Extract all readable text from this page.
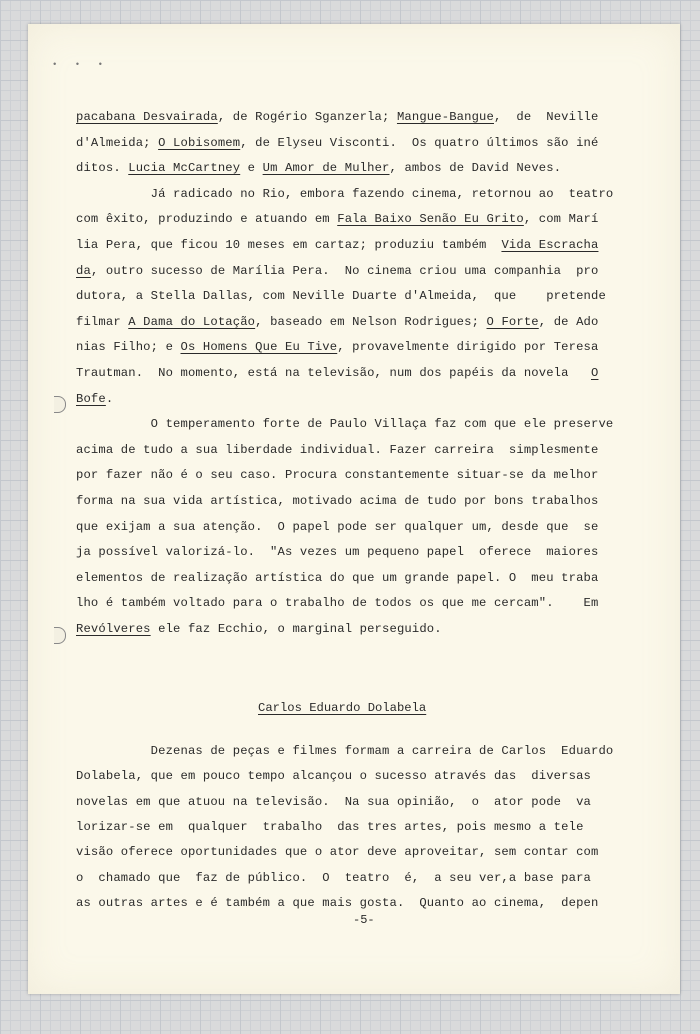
• • •
pacabana Desvairada, de Rogério Sganzerla; Mangue-Bangue,  de  Neville
d'Almeida; O Lobisomem, de Elyseu Visconti.  Os quatro últimos são iné
ditos. Lucia McCartney e Um Amor de Mulher, ambos de David Neves.
Já radicado no Rio, embora fazendo cinema, retornou ao  teatro
com êxito, produzindo e atuando em Fala Baixo Senão Eu Grito, com Marí
lia Pera, que ficou 10 meses em cartaz; produziu também  Vida Escracha
da, outro sucesso de Marília Pera.  No cinema criou uma companhia  pro
dutora, a Stella Dallas, com Neville Duarte d'Almeida,  que    pretende
filmar A Dama do Lotação, baseado em Nelson Rodrigues; O Forte, de Ado
nias Filho; e Os Homens Que Eu Tive, provavelmente dirigido por Teresa
Trautman.  No momento, está na televisão, num dos papéis da novela   O
Bofe.
O temperamento forte de Paulo Villaça faz com que ele preserve
acima de tudo a sua liberdade individual. Fazer carreira  simplesmente
por fazer não é o seu caso. Procura constantemente situar-se da melhor
forma na sua vida artística, motivado acima de tudo por bons trabalhos
que exijam a sua atenção.  O papel pode ser qualquer um, desde que  se
ja possível valorizá-lo.  "As vezes um pequeno papel  oferece  maiores
elementos de realização artística do que um grande papel. O  meu traba
lho é também voltado para o trabalho de todos os que me cercam".    Em
Revólveres ele faz Ecchio, o marginal perseguido.
Carlos Eduardo Dolabela
Dezenas de peças e filmes formam a carreira de Carlos  Eduardo
Dolabela, que em pouco tempo alcançou o sucesso através das  diversas
novelas em que atuou na televisão.  Na sua opinião,  o  ator pode  va
lorizar-se em  qualquer  trabalho  das tres artes, pois mesmo a tele
visão oferece oportunidades que o ator deve aproveitar, sem contar com
o  chamado que  faz de público.  O  teatro  é,  a seu ver,a base para
as outras artes e é também a que mais gosta.  Quanto ao cinema,  depen
-5-
